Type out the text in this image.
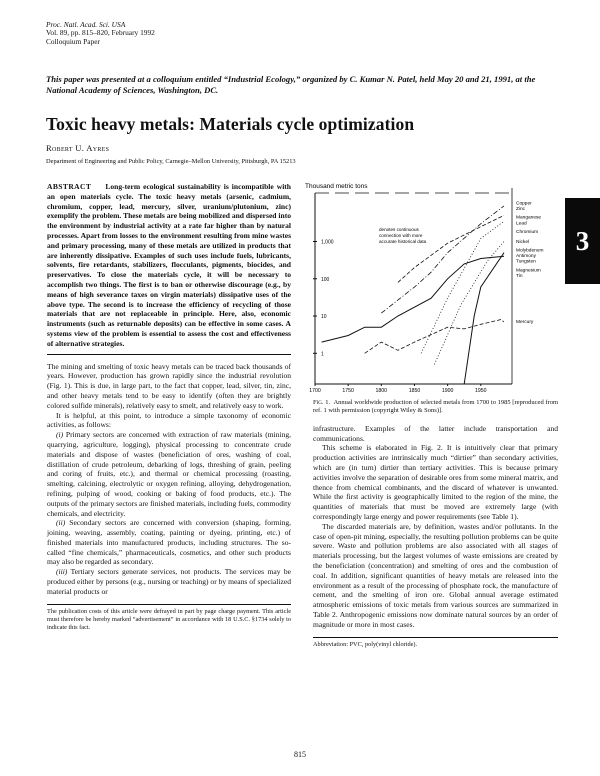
Proc. Natl. Acad. Sci. USA
Vol. 89, pp. 815–820, February 1992
Colloquium Paper
This paper was presented at a colloquium entitled “Industrial Ecology,” organized by C. Kumar N. Patel, held May 20 and 21, 1991, at the National Academy of Sciences, Washington, DC.
Toxic heavy metals: Materials cycle optimization
Robert U. Ayres
Department of Engineering and Public Policy, Carnegie–Mellon University, Pittsburgh, PA 15213

ABSTRACT Long-term ecological sustainability is incompatible with an open materials cycle. The toxic heavy metals (arsenic, cadmium, chromium, copper, lead, mercury, silver, uranium/plutonium, zinc) exemplify the problem. These metals are being mobilized and dispersed into the environment by industrial activity at a rate far higher than by natural processes. Apart from losses to the environment resulting from mine wastes and primary processing, many of these metals are utilized in products that are inherently dissipative. Examples of such uses include fuels, lubricants, solvents, fire retardants, stabilizers, flocculants, pigments, biocides, and preservatives. To close the materials cycle, it will be necessary to accomplish two things. The first is to ban or otherwise discourage (e.g., by means of high severance taxes on virgin materials) dissipative uses of the above type. The second is to increase the efficiency of recycling of those materials that are not replaceable in principle. Here, also, economic instruments (such as returnable deposits) can be effective in some cases. A systems view of the problem is essential to assess the cost and effectiveness of alternative strategies.

The mining and smelting of toxic heavy metals can be traced back thousands of years. However, production has grown rapidly since the industrial revolution (Fig. 1). This is due, in large part, to the fact that copper, lead, silver, tin, zinc, and other heavy metals tend to be easy to identify (often they are brightly colored sulfide minerals), relatively easy to smelt, and relatively easy to work.

It is helpful, at this point, to introduce a simple taxonomy of economic activities, as follows:

(i) Primary sectors are concerned with extraction of raw materials (mining, quarrying, agriculture, logging), physical processing to concentrate crude materials and dispose of wastes (beneficiation of ores, washing of coal, distillation of crude petroleum, debarking of logs, threshing of grain, peeling and coring of fruits, etc.), and thermal or chemical processing (roasting, smelting, calcining, electrolytic or oxygen refining, alloying, dehydrogenation, refining, pulping of wood, cooking or baking of food products, etc.). The outputs of the primary sectors are finished materials, including fuels, commodity chemicals, and electricity.

(ii) Secondary sectors are concerned with conversion (shaping, forming, joining, weaving, assembly, coating, painting or dyeing, printing, etc.) of finished materials into manufactured products, including structures. The so-called “fine chemicals,” pharmaceuticals, cosmetics, and other such products may also be regarded as secondary.

(iii) Tertiary sectors generate services, not products. The services may be produced either by persons (e.g., nursing or teaching) or by means of specialized material products or

The publication costs of this article were defrayed in part by page charge payment. This article must therefore be hereby marked “advertisement” in accordance with 18 U.S.C. §1734 solely to indicate this fact.
Thousand metric tons
1
10
100
1,000
1700	1750	1800	1850	1900	1950
denotes continuous connection with more accurate historical data
Copper Zinc
Manganese Lead
Chromium
Nickel
Molybdenum Antimony Tungsten
Magnesium Tin
Mercury
Fig. 1. Annual worldwide production of selected metals from 1700 to 1985 [reproduced from ref. 1 with permission (copyright Wiley & Sons)].

infrastructure. Examples of the latter include transportation and communications.

This scheme is elaborated in Fig. 2. It is intuitively clear that primary production activities are intrinsically much “dirtier” than secondary activities, which are (in turn) dirtier than tertiary activities. This is because primary activities involve the separation of desirable ores from some mineral matrix, and thence from chemical combinants, and the discard of whatever is unwanted. While the first activity is geographically limited to the region of the mine, the quantities of materials that must be moved are extremely large (with correspondingly large energy and power requirements (see Table 1).

The discarded materials are, by definition, wastes and/or pollutants. In the case of open-pit mining, especially, the resulting pollution problems can be quite severe. Waste and pollution problems are also associated with all stages of materials processing, but the largest volumes of waste emissions are created by the beneficiation (concentration) and smelting of ores and the combustion of coal. In addition, significant quantities of heavy metals are released into the environment as a result of the processing of phosphate rock, the manufacture of cement, and the smelting of iron ore. Global annual average estimated atmospheric emissions of toxic metals from various sources are summarized in Table 2. Anthropogenic emissions now dominate natural sources by an order of magnitude or more in most cases.

Abbreviation: PVC, poly(vinyl chloride).
3
815
